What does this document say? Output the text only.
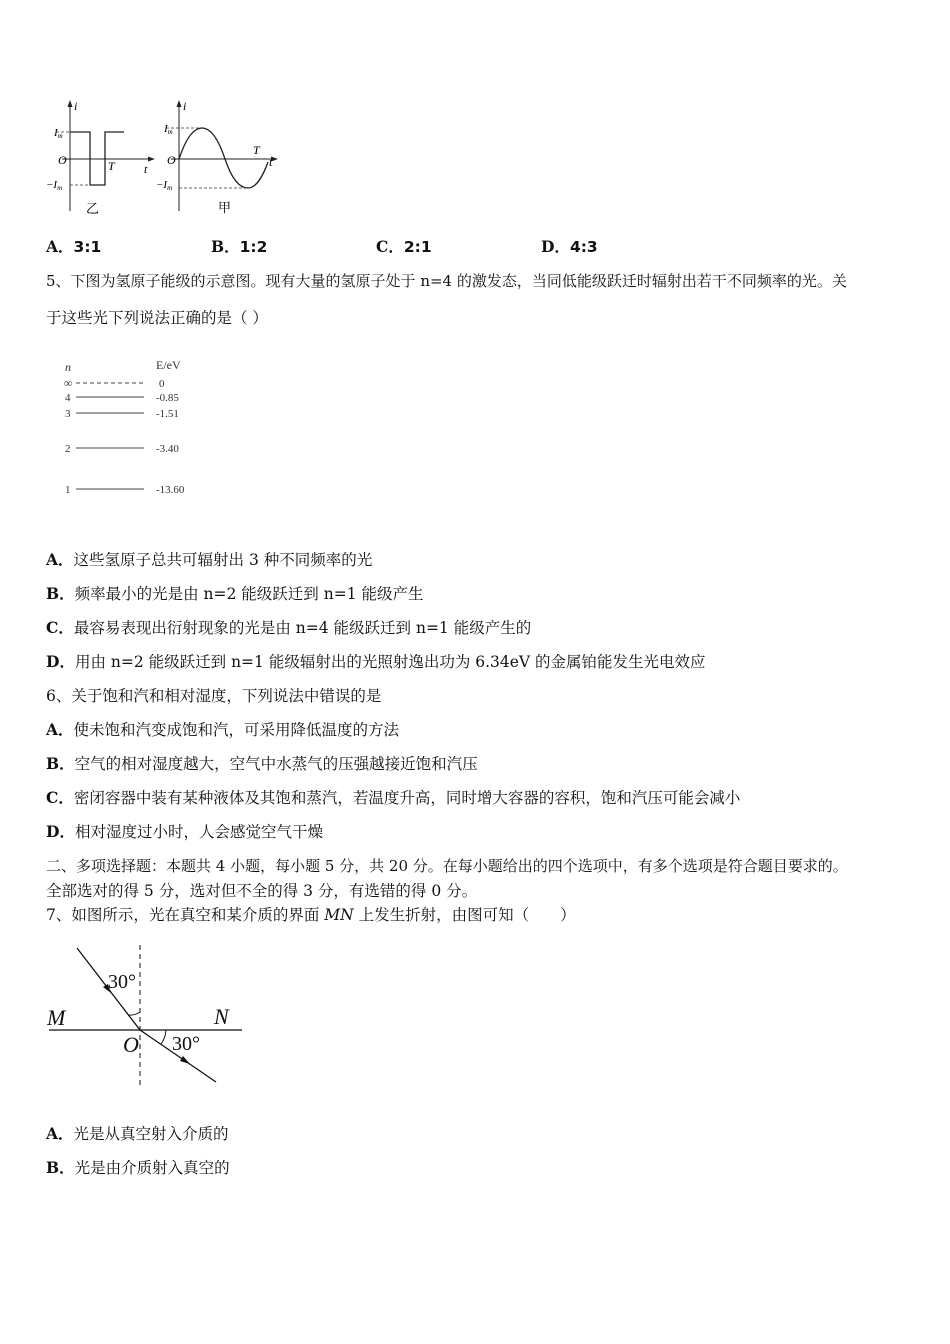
i
Im
O	T t
−Im
乙
i
Im
O
T
t
−Im
甲
A．3:1	B．1:2	C．2:1	D．4:3
5、下图为氢原子能级的示意图。现有大量的氢原子处于 n=4 的激发态，当同低能级跃迁时辐射出若干不同频率的光。关
于这些光下列说法正确的是（ ）
n	E/eV
∞
4
3
2
1
0
-0.85
-1.51
-3.40
-13.60
A．这些氢原子总共可辐射出 3 种不同频率的光
B．频率最小的光是由 n=2 能级跃迁到 n=1 能级产生
C．最容易表现出衍射现象的光是由 n=4 能级跃迁到 n=1 能级产生的
D．用由 n=2 能级跃迁到 n=1 能级辐射出的光照射逸出功为 6.34eV 的金属铂能发生光电效应
6、关于饱和汽和相对湿度，下列说法中错误的是
A．使未饱和汽变成饱和汽，可采用降低温度的方法
B．空气的相对湿度越大，空气中水蒸气的压强越接近饱和汽压
C．密闭容器中装有某种液体及其饱和蒸汽，若温度升高，同时增大容器的容积，饱和汽压可能会减小
D．相对湿度过小时，人会感觉空气干燥
二、多项选择题：本题共 4 小题，每小题 5 分，共 20 分。在每小题给出的四个选项中，有多个选项是符合题目要求的。
全部选对的得 5 分，选对但不全的得 3 分，有选错的得 0 分。
7、如图所示，光在真空和某介质的界面 MN 上发生折射，由图可知（　　）
30°
30°
M	N
O
A．光是从真空射入介质的
B．光是由介质射入真空的
